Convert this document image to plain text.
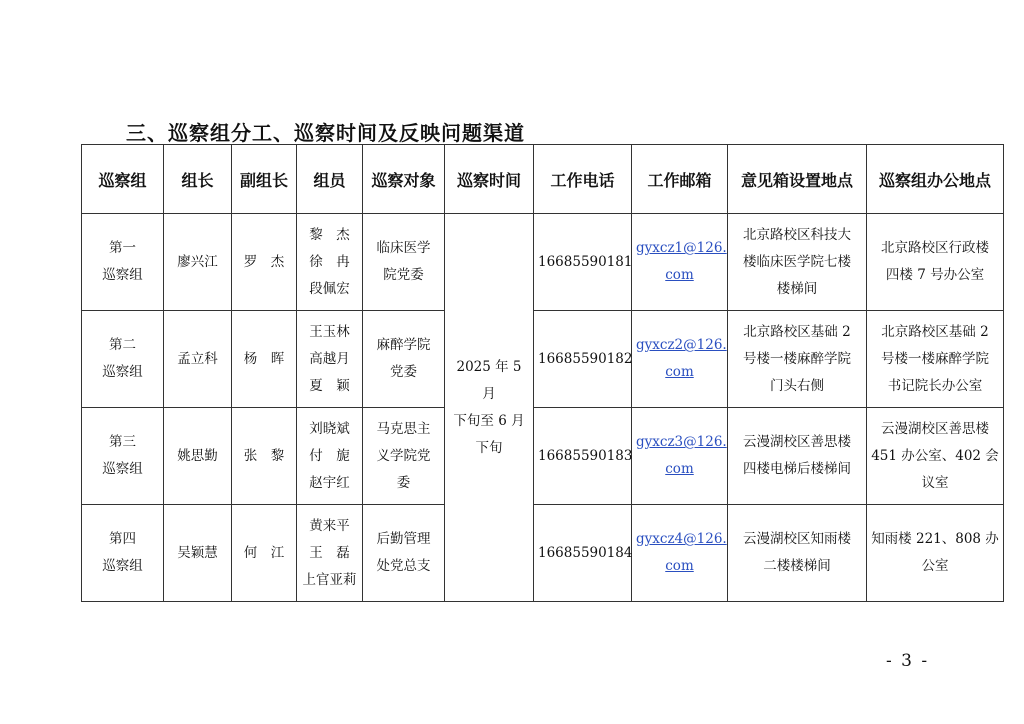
三、巡察组分工、巡察时间及反映问题渠道
巡察组	组长	副组长	组员	巡察对象	巡察时间	工作电话	工作邮箱	意见箱设置地点	巡察组办公地点
第一
巡察组	廖兴江	罗　杰	黎　杰
徐　冉
段佩宏	临床医学
院党委	2025 年 5 月
下旬至 6 月
下旬	16685590181	gyxcz1@126.
com	北京路校区科技大
楼临床医学院七楼
楼梯间	北京路校区行政楼
四楼 7 号办公室
第二
巡察组	孟立科	杨　晖	王玉林
高越月
夏　颖	麻醉学院
党委		16685590182	gyxcz2@126.
com	北京路校区基础 2
号楼一楼麻醉学院
门头右侧	北京路校区基础 2
号楼一楼麻醉学院
书记院长办公室
第三
巡察组	姚思勤	张　黎	刘晓斌
付　旎
赵宇红	马克思主
义学院党
委		16685590183	gyxcz3@126.
com	云漫湖校区善思楼
四楼电梯后楼梯间	云漫湖校区善思楼
451 办公室、402 会
议室
第四
巡察组	吴颖慧	何　江	黄来平
王　磊
上官亚莉	后勤管理
处党总支		16685590184	gyxcz4@126.
com	云漫湖校区知雨楼
二楼楼梯间	知雨楼 221、808 办
公室
- 3 -
